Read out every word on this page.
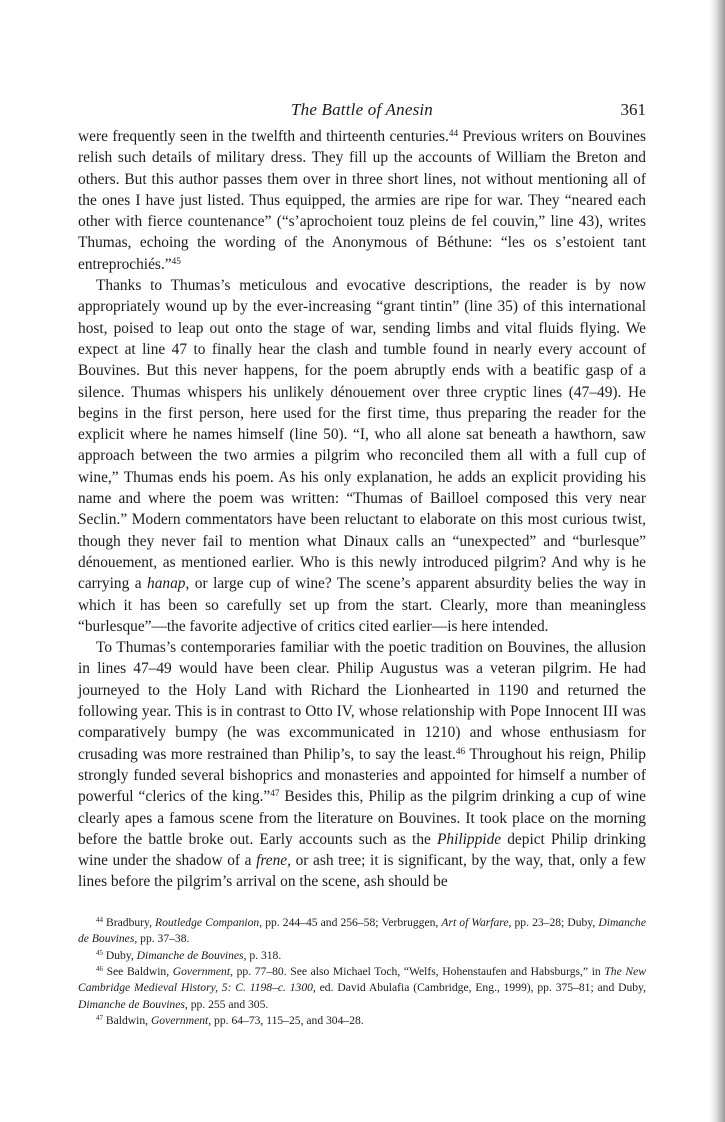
The Battle of Anesin	361

were frequently seen in the twelfth and thirteenth centuries.$^{44}$ Previous writers on Bouvines relish such details of military dress. They fill up the accounts of William the Breton and others. But this author passes them over in three short lines, not without mentioning all of the ones I have just listed. Thus equipped, the armies are ripe for war. They “neared each other with fierce countenance” (“s’aprochoient touz pleins de fel couvin,” line 43), writes Thumas, echoing the wording of the Anonymous of Béthune: “les os s’estoient tant entreprochiés.”$^{45}$

Thanks to Thumas’s meticulous and evocative descriptions, the reader is by now appropriately wound up by the ever-increasing “grant tintin” (line 35) of this international host, poised to leap out onto the stage of war, sending limbs and vital fluids flying. We expect at line 47 to finally hear the clash and tumble found in nearly every account of Bouvines. But this never happens, for the poem abruptly ends with a beatific gasp of a silence. Thumas whispers his unlikely dénouement over three cryptic lines (47–49). He begins in the first person, here used for the first time, thus preparing the reader for the explicit where he names himself (line 50). “I, who all alone sat beneath a hawthorn, saw approach between the two armies a pilgrim who reconciled them all with a full cup of wine,” Thumas ends his poem. As his only explanation, he adds an explicit providing his name and where the poem was written: “Thumas of Bailloel composed this very near Seclin.” Modern commentators have been reluctant to elaborate on this most curious twist, though they never fail to mention what Dinaux calls an “unexpected” and “burlesque” dénouement, as mentioned earlier. Who is this newly introduced pilgrim? And why is he carrying a hanap, or large cup of wine? The scene’s apparent absurdity belies the way in which it has been so carefully set up from the start. Clearly, more than meaningless “burlesque”—the favorite adjective of critics cited earlier—is here intended.

To Thumas’s contemporaries familiar with the poetic tradition on Bouvines, the allusion in lines 47–49 would have been clear. Philip Augustus was a veteran pilgrim. He had journeyed to the Holy Land with Richard the Lionhearted in 1190 and returned the following year. This is in contrast to Otto IV, whose relationship with Pope Innocent III was comparatively bumpy (he was excommunicated in 1210) and whose enthusiasm for crusading was more restrained than Philip’s, to say the least.$^{46}$ Throughout his reign, Philip strongly funded several bishoprics and monasteries and appointed for himself a number of powerful “clerics of the king.”$^{47}$ Besides this, Philip as the pilgrim drinking a cup of wine clearly apes a famous scene from the literature on Bouvines. It took place on the morning before the battle broke out. Early accounts such as the Philippide depict Philip drinking wine under the shadow of a frene, or ash tree; it is significant, by the way, that, only a few lines before the pilgrim’s arrival on the scene, ash should be

$^{44}$ Bradbury, Routledge Companion, pp. 244–45 and 256–58; Verbruggen, Art of Warfare, pp. 23–28; Duby, Dimanche de Bouvines, pp. 37–38.

$^{45}$ Duby, Dimanche de Bouvines, p. 318.

$^{46}$ See Baldwin, Government, pp. 77–80. See also Michael Toch, “Welfs, Hohenstaufen and Habsburgs,” in The New Cambridge Medieval History, 5: C. 1198–c. 1300, ed. David Abulafia (Cambridge, Eng., 1999), pp. 375–81; and Duby, Dimanche de Bouvines, pp. 255 and 305.

$^{47}$ Baldwin, Government, pp. 64–73, 115–25, and 304–28.
